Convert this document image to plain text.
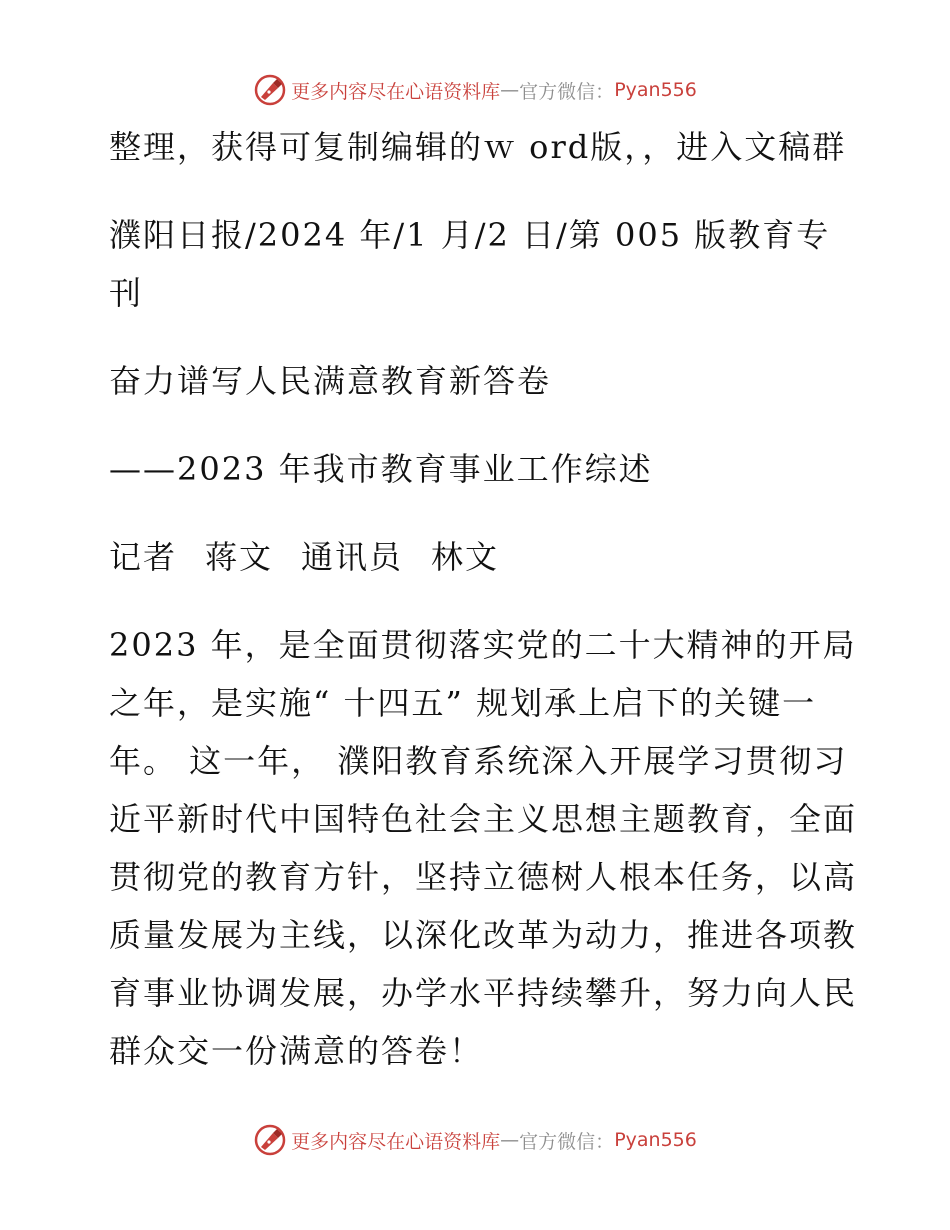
更多内容尽在心语资料库 — 官方微信： Pyan556

整理，获得可复制编辑的ｗ ord版，，进入文稿群

濮阳日报/2024 年/1 月/2 日/第 005 版教育专刊

奋力谱写人民满意教育新答卷

——2023 年我市教育事业工作综述

记者 蒋文 通讯员 林文

2023 年，是全面贯彻落实党的二十大精神的开局之年，是实施“ 十四五” 规划承上启下的关键一年。 这一年， 濮阳教育系统深入开展学习贯彻习近平新时代中国特色社会主义思想主题教育，全面贯彻党的教育方针，坚持立德树人根本任务，以高质量发展为主线，以深化改革为动力，推进各项教育事业协调发展，办学水平持续攀升，努力向人民群众交一份满意的答卷！

更多内容尽在心语资料库 — 官方微信： Pyan556
